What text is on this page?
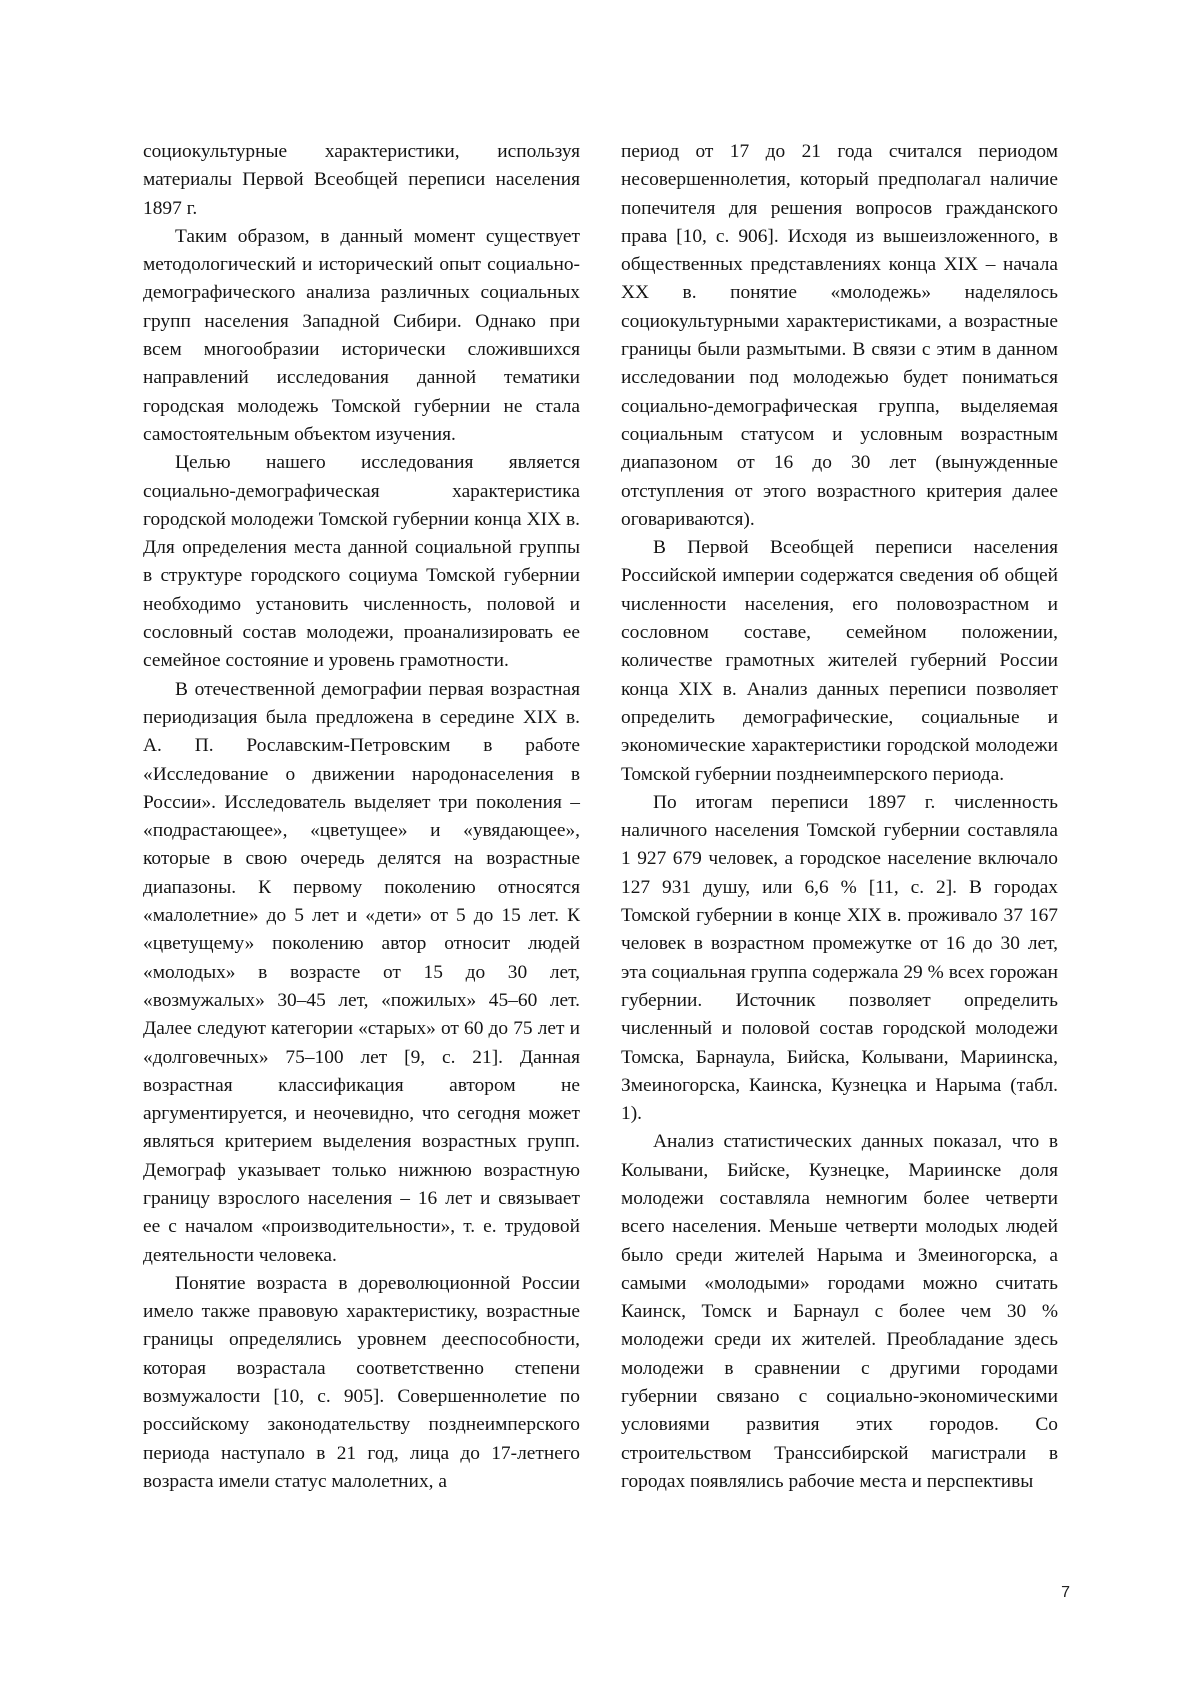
социокультурные характеристики, используя материалы Первой Всеобщей переписи населения 1897 г.

Таким образом, в данный момент существует методологический и исторический опыт социально-демографического анализа различных социальных групп населения Западной Сибири. Однако при всем многообразии исторически сложившихся направлений исследования данной тематики городская молодежь Томской губернии не стала самостоятельным объектом изучения.

Целью нашего исследования является социально-демографическая характеристика городской молодежи Томской губернии конца XIX в. Для определения места данной социальной группы в структуре городского социума Томской губернии необходимо установить численность, половой и сословный состав молодежи, проанализировать ее семейное состояние и уровень грамотности.

В отечественной демографии первая возрастная периодизация была предложена в середине XIX в. А. П. Рославским-Петровским в работе «Исследование о движении народонаселения в России». Исследователь выделяет три поколения – «подрастающее», «цветущее» и «увядающее», которые в свою очередь делятся на возрастные диапазоны. К первому поколению относятся «малолетние» до 5 лет и «дети» от 5 до 15 лет. К «цветущему» поколению автор относит людей «молодых» в возрасте от 15 до 30 лет, «возмужалых» 30–45 лет, «пожилых» 45–60 лет. Далее следуют категории «старых» от 60 до 75 лет и «долговечных» 75–100 лет [9, с. 21]. Данная возрастная классификация автором не аргументируется, и неочевидно, что сегодня может являться критерием выделения возрастных групп. Демограф указывает только нижнюю возрастную границу взрослого населения – 16 лет и связывает ее с началом «производительности», т. е. трудовой деятельности человека.

Понятие возраста в дореволюционной России имело также правовую характеристику, возрастные границы определялись уровнем дееспособности, которая возрастала соответственно степени возмужалости [10, с. 905]. Совершеннолетие по российскому законодательству позднеимперского периода наступало в 21 год, лица до 17-летнего возраста имели статус малолетних, а

период от 17 до 21 года считался периодом несовершеннолетия, который предполагал наличие попечителя для решения вопросов гражданского права [10, с. 906]. Исходя из вышеизложенного, в общественных представлениях конца XIX – начала XX в. понятие «молодежь» наделялось социокультурными характеристиками, а возрастные границы были размытыми. В связи с этим в данном исследовании под молодежью будет пониматься социально-демографическая группа, выделяемая социальным статусом и условным возрастным диапазоном от 16 до 30 лет (вынужденные отступления от этого возрастного критерия далее оговариваются).

В Первой Всеобщей переписи населения Российской империи содержатся сведения об общей численности населения, его половозрастном и сословном составе, семейном положении, количестве грамотных жителей губерний России конца XIX в. Анализ данных переписи позволяет определить демографические, социальные и экономические характеристики городской молодежи Томской губернии позднеимперского периода.

По итогам переписи 1897 г. численность наличного населения Томской губернии составляла 1 927 679 человек, а городское население включало 127 931 душу, или 6,6 % [11, с. 2]. В городах Томской губернии в конце XIX в. проживало 37 167 человек в возрастном промежутке от 16 до 30 лет, эта социальная группа содержала 29 % всех горожан губернии. Источник позволяет определить численный и половой состав городской молодежи Томска, Барнаула, Бийска, Колывани, Мариинска, Змеиногорска, Каинска, Кузнецка и Нарыма (табл. 1).

Анализ статистических данных показал, что в Колывани, Бийске, Кузнецке, Мариинске доля молодежи составляла немногим более четверти всего населения. Меньше четверти молодых людей было среди жителей Нарыма и Змеиногорска, а самыми «молодыми» городами можно считать Каинск, Томск и Барнаул с более чем 30 % молодежи среди их жителей. Преобладание здесь молодежи в сравнении с другими городами губернии связано с социально-экономическими условиями развития этих городов. Со строительством Транссибирской магистрали в городах появлялись рабочие места и перспективы

7
